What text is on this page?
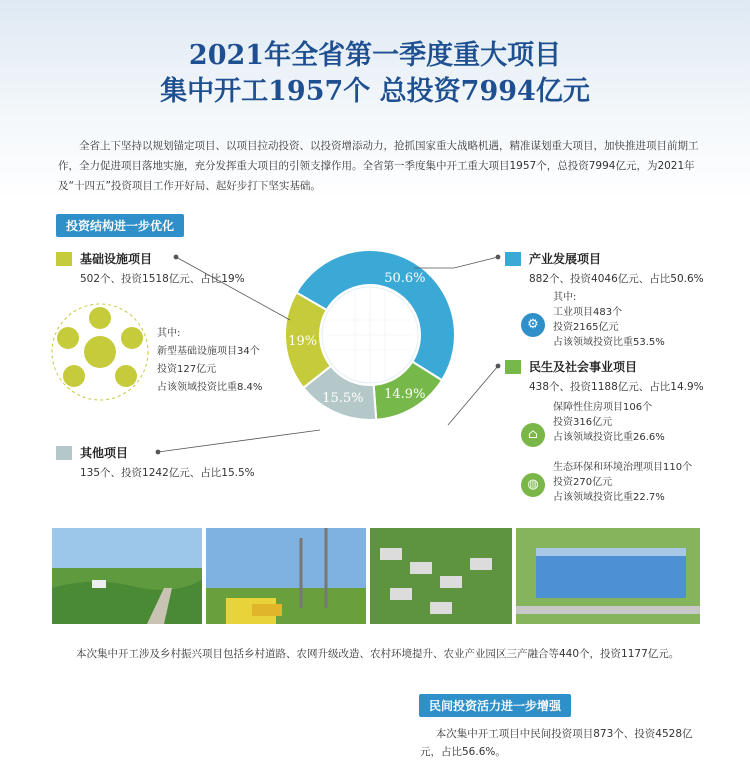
2021年全省第一季度重大项目
集中开工1957个 总投资7994亿元

全省上下坚持以规划锚定项目、以项目拉动投资、以投资增添动力，抢抓国家重大战略机遇，精准谋划重大项目，加快推进项目前期工作，全力促进项目落地实施，充分发挥重大项目的引领支撑作用。全省第一季度集中开工重大项目1957个，总投资7994亿元，为2021年及“十四五”投资项目工作开好局、起好步打下坚实基础。

投资结构进一步优化
50.6%
14.9%
15.5%
19%
基础设施项目
502个、投资1518亿元、占比19%
产业发展项目
882个、投资4046亿元、占比50.6%
民生及社会事业项目
438个、投资1188亿元、占比14.9%
其他项目
135个、投资1242亿元、占比15.5%
其中:
新型基础设施项目34个
投资127亿元
占该领域投资比重8.4%
⚙
其中:
工业项目483个
投资2165亿元
占该领域投资比重53.5%
⌂
保障性住房项目106个
投资316亿元
占该领域投资比重26.6%
◍
生态环保和环境治理项目110个
投资270亿元
占该领域投资比重22.7%

本次集中开工涉及乡村振兴项目包括乡村道路、农网升级改造、农村环境提升、农业产业园区三产融合等440个，投资1177亿元。

民间投资活力进一步增强

本次集中开工项目中民间投资项目873个、投资4528亿元，占比56.6%。
